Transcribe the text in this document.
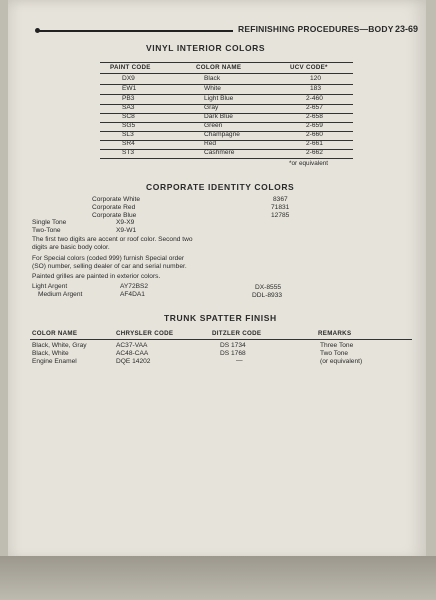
REFINISHING PROCEDURES—BODY 23-69
VINYL INTERIOR COLORS
PAINT CODE	COLOR NAME	UCV CODE*
DX9	Black	120
EW1	White	183
PB3	Light Blue	2-460
SA3	Gray	2-657
SC8	Dark Blue	2-658
SG5	Green	2-659
SL3	Champagne	2-660
SR4	Red	2-661
ST3	Cashmere	2-662
*or equivalent
CORPORATE IDENTITY COLORS
Corporate White	8367
Corporate Red	71831
Corporate Blue	12785
Single Tone	X9-X9
Two-Tone	X9-W1
The first two digits are accent or roof color. Second two
digits are basic body color.
For Special colors (coded 999) furnish Special order
(SO) number, selling dealer of car and serial number.
Painted grilles are painted in exterior colors.
Light Argent	AY72BS2	DX-8555
Medium Argent	AF4DA1	DDL-8933
TRUNK SPATTER FINISH
COLOR NAME	CHRYSLER CODE	DITZLER CODE	REMARKS
Black, White, Gray	AC37-VAA	DS 1734	Three Tone
Black, White	AC48-CAA	DS 1768	Two Tone
Engine Enamel	DQE 14202	—	(or equivalent)
